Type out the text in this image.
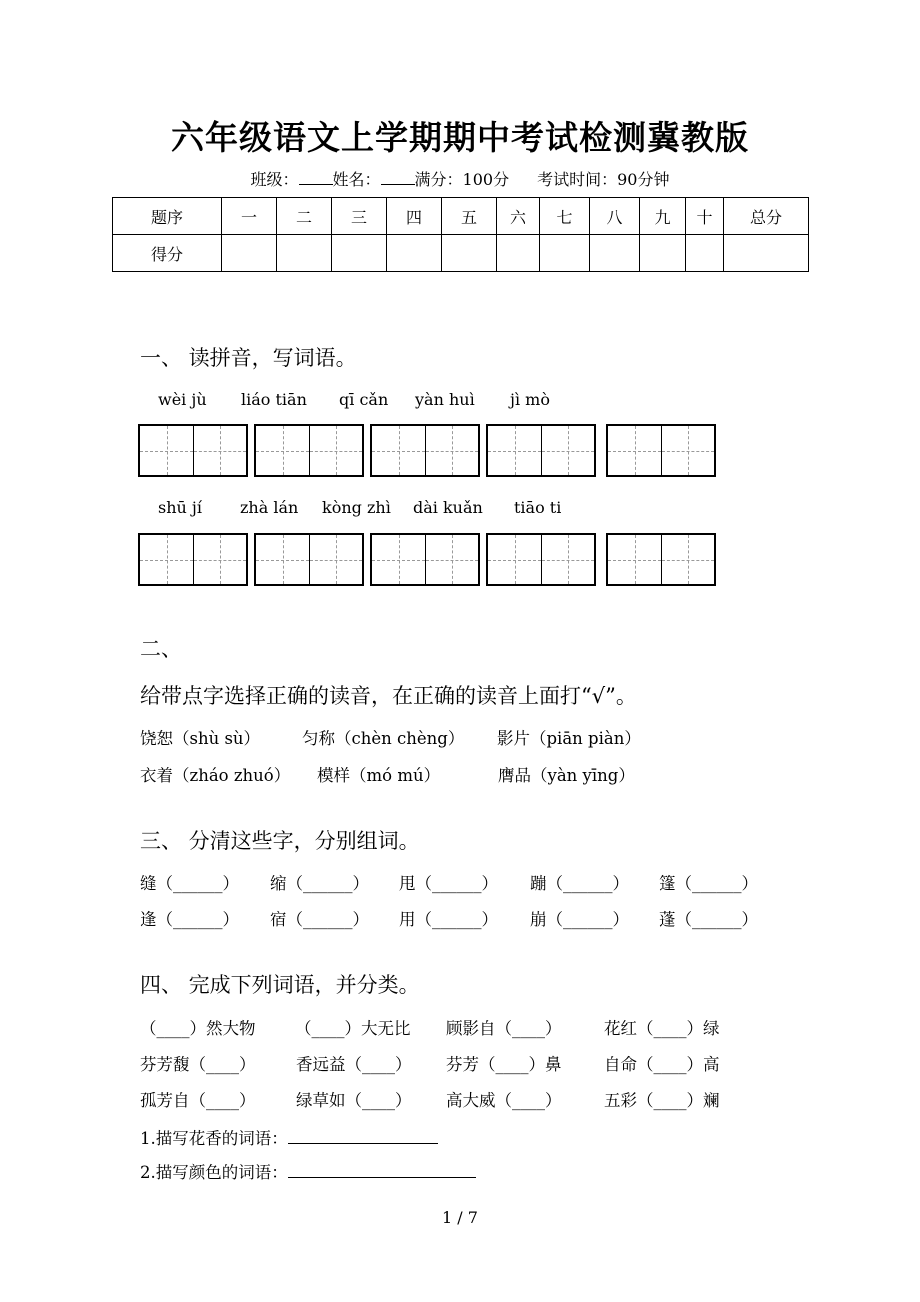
六年级语文上学期期中考试检测冀教版
班级： 姓名： 满分：100分 考试时间：90分钟
题序	一	二	三	四	五	六	七	八	九	十	总分
得分											
一、 读拼音，写词语。
wèi jù liáo tiān qī cǎn yàn huì jì mò
shū jí zhà lán kòng zhì dài kuǎn tiāo ti
二、
给带点字选择正确的读音，在正确的读音上面打“√”。
饶恕（shù sù）	匀称（chèn chèng） 影片（piān piàn）
衣着（zháo zhuó） 模样（mó mú）	膺品（yàn yīng）
三、 分清这些字，分别组词。
缝（______） 缩（______） 甩（______） 蹦（______） 篷（______）
逢（______） 宿（______） 用（______） 崩（______） 蓬（______）
四、 完成下列词语，并分类。
（____）然大物 （____）大无比 顾影自（____）	花红（____）绿
芬芳馥（____） 香远益（____） 芬芳（____）鼻	自命（____）高
孤芳自（____） 绿草如（____） 高大威（____）	五彩（____）斓
1.描写花香的词语：
2.描写颜色的词语：
1 / 7
